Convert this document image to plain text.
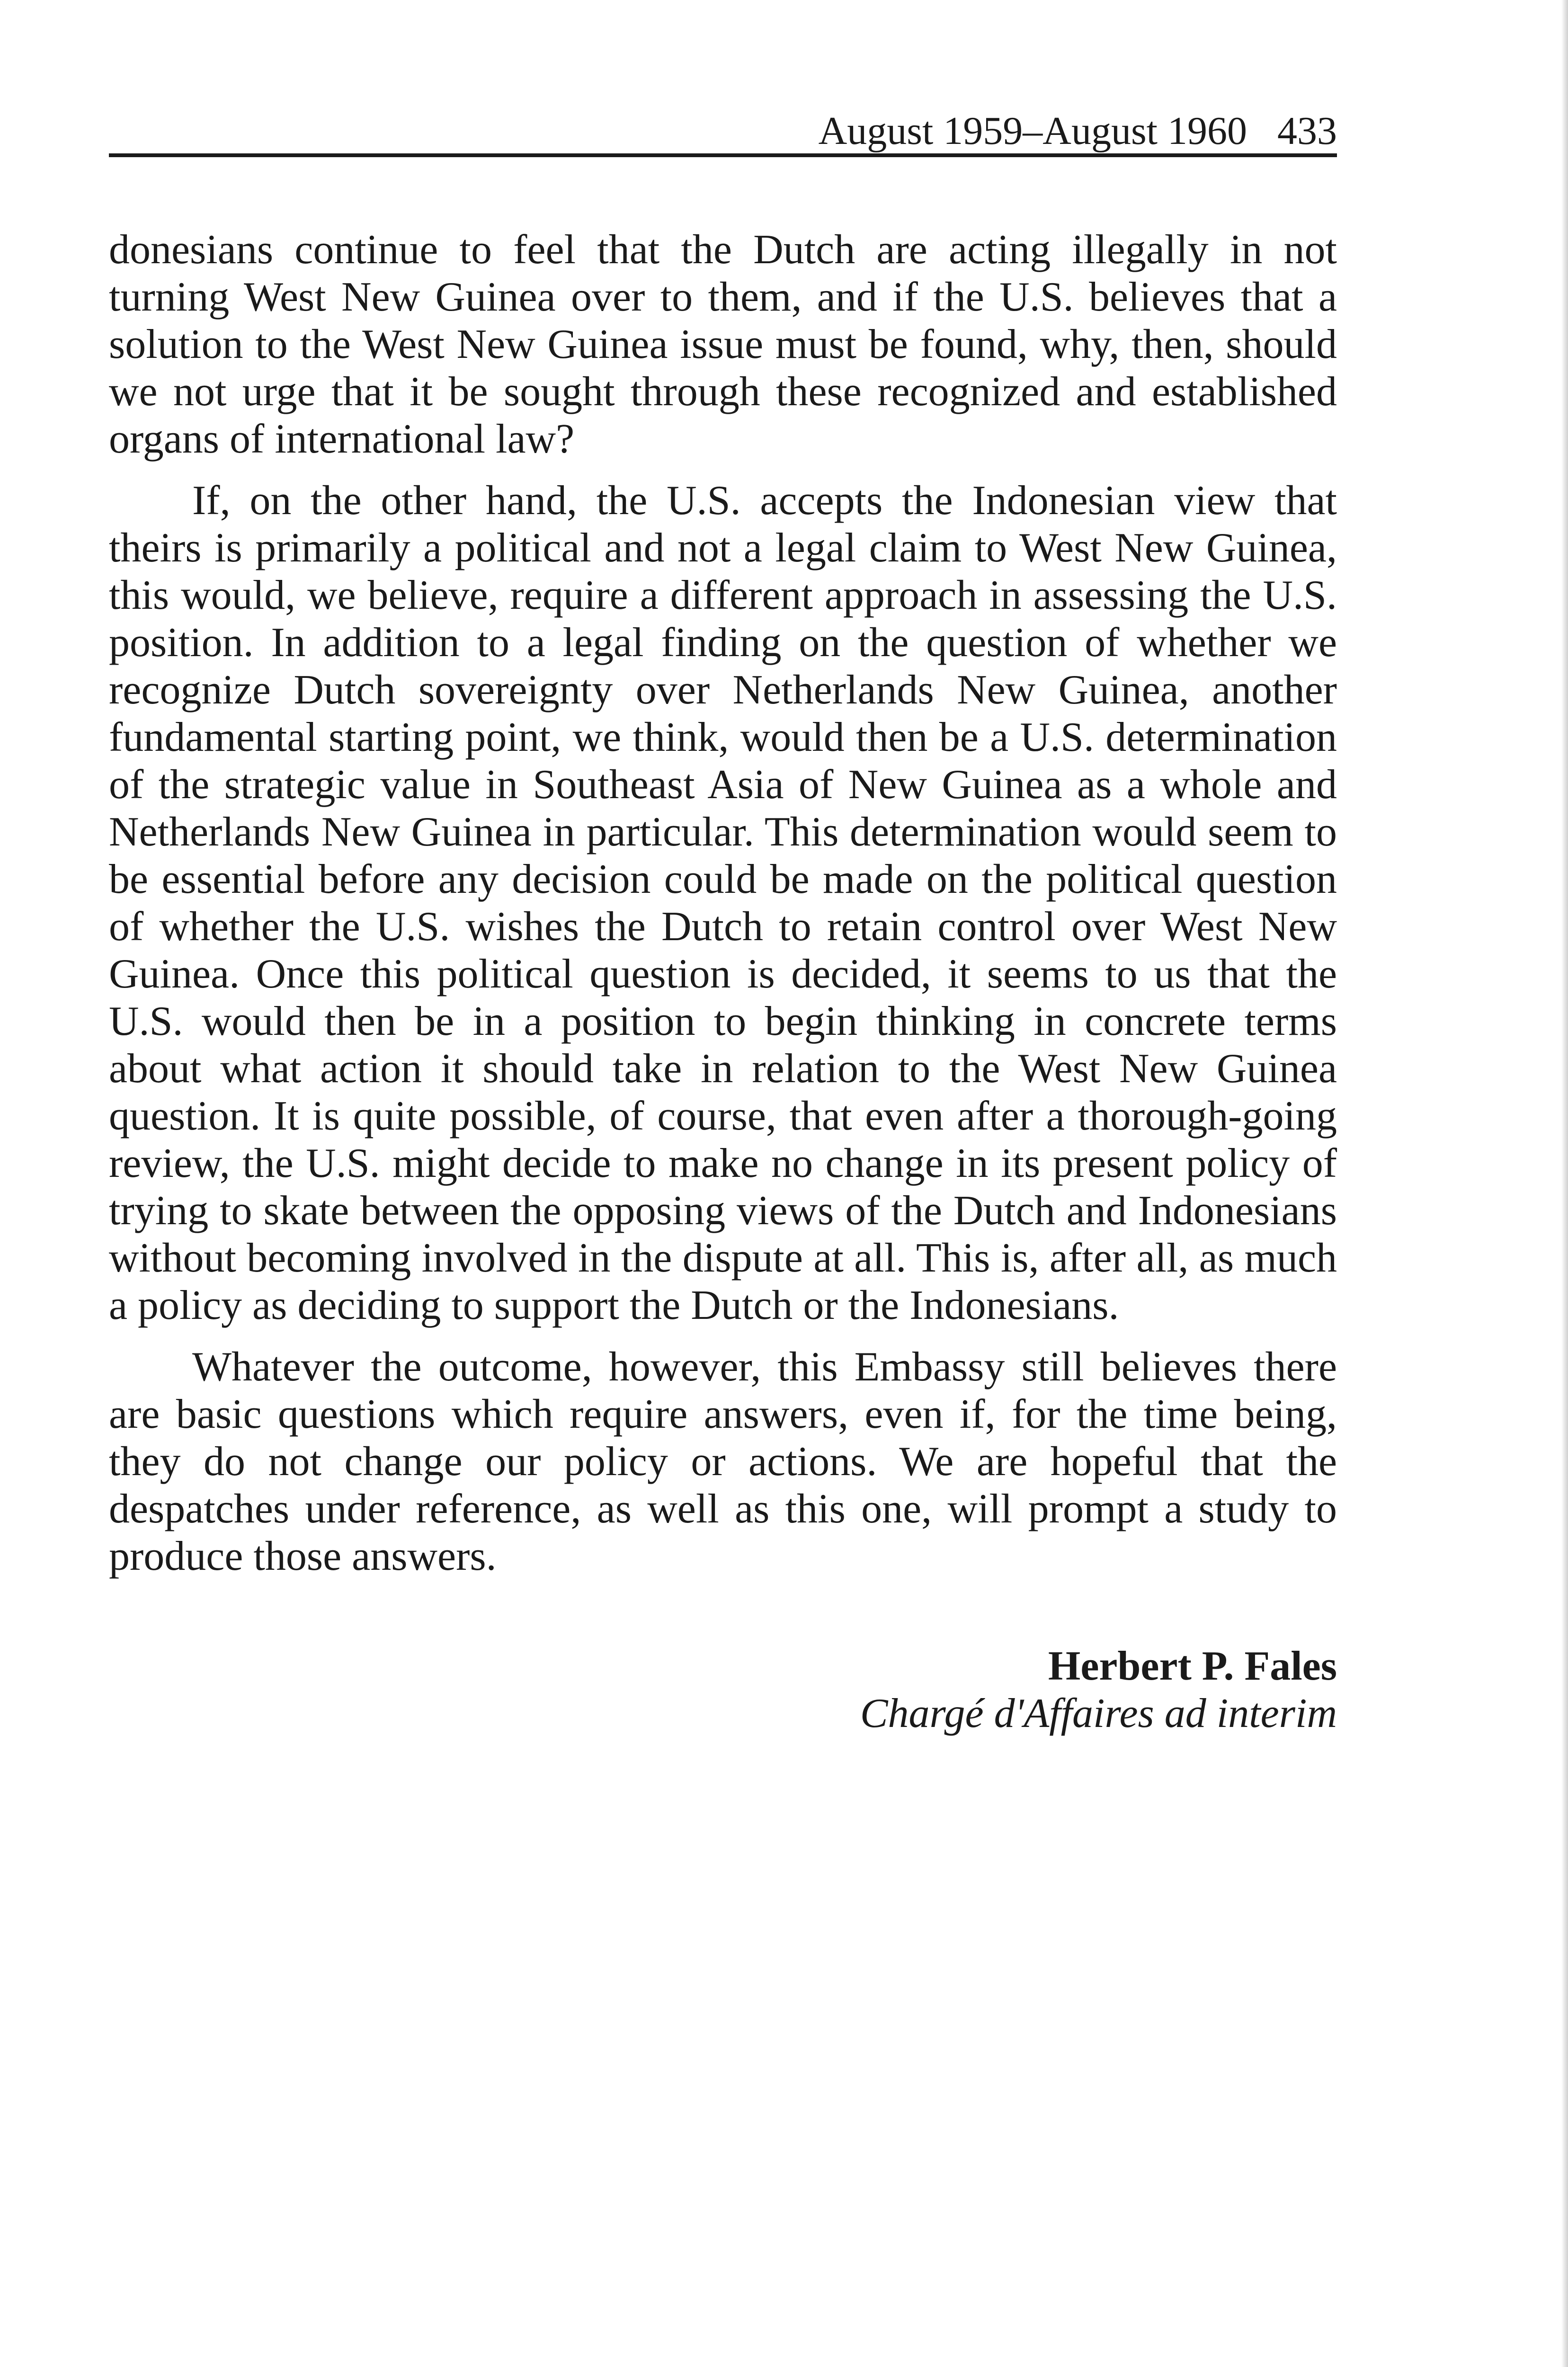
August 1959–August 1960 433

donesians continue to feel that the Dutch are acting illegally in not turning West New Guinea over to them, and if the U.S. believes that a solution to the West New Guinea issue must be found, why, then, should we not urge that it be sought through these recognized and established organs of international law?

If, on the other hand, the U.S. accepts the Indonesian view that theirs is primarily a political and not a legal claim to West New Guinea, this would, we believe, require a different approach in assessing the U.S. position. In addition to a legal finding on the question of whether we recognize Dutch sovereignty over Netherlands New Guinea, another fundamental starting point, we think, would then be a U.S. determination of the strategic value in Southeast Asia of New Guinea as a whole and Netherlands New Guinea in particular. This determination would seem to be essential before any decision could be made on the political question of whether the U.S. wishes the Dutch to retain control over West New Guinea. Once this political question is decided, it seems to us that the U.S. would then be in a position to begin thinking in concrete terms about what action it should take in relation to the West New Guinea question. It is quite possible, of course, that even after a thorough-going review, the U.S. might decide to make no change in its present policy of trying to skate between the opposing views of the Dutch and Indonesians without becoming involved in the dispute at all. This is, after all, as much a policy as deciding to support the Dutch or the Indonesians.

Whatever the outcome, however, this Embassy still believes there are basic questions which require answers, even if, for the time being, they do not change our policy or actions. We are hopeful that the despatches under reference, as well as this one, will prompt a study to produce those answers.

Herbert P. Fales
Chargé d'Affaires ad interim
